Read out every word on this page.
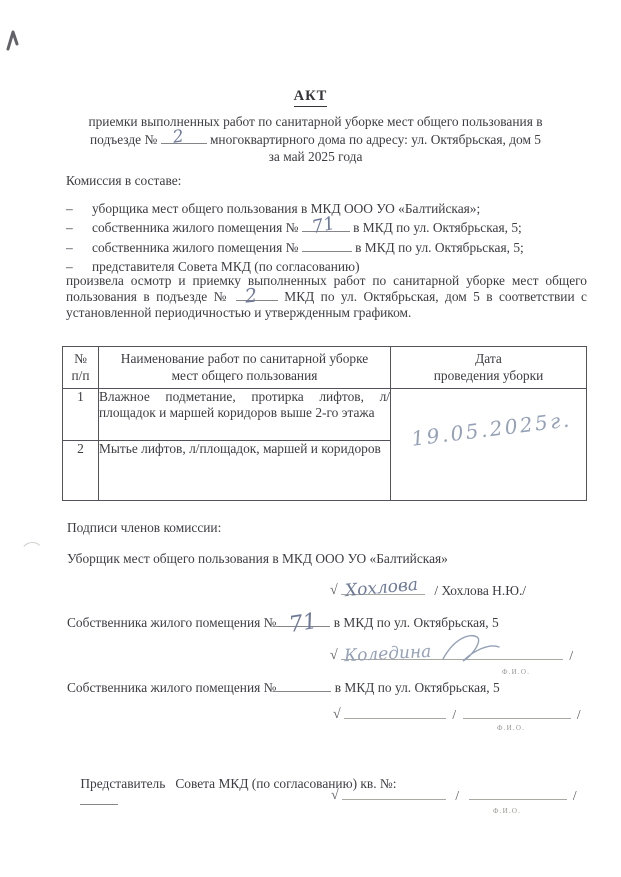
АКТ
приемки выполненных работ по санитарной уборке мест общего пользования в
подъезде № 2 многоквартирного дома по адресу: ул. Октябрьская, дом 5
за май 2025 года
Комиссия в составе:
–	уборщика мест общего пользования в МКД ООО УО «Балтийская»;
–	собственника жилого помещения № 71 в МКД по ул. Октябрьская, 5;
–	собственника жилого помещения №	в МКД по ул. Октябрьская, 5;
–	представителя Совета МКД (по согласованию)
произвела осмотр и приемку выполненных работ по санитарной уборке мест общего пользования в подъезде № 2 МКД по ул. Октябрьская, дом 5 в соответствии с установленной периодичностью и утвержденным графиком.
№
п/п

Наименование работ по санитарной уборке
мест общего пользования

Дата
проведения уборки

1	Влажное подметание, протирка лифтов, л/площадок и маршей коридоров выше 2-го этажа	19.05.2025г.

2	Мытье лифтов, л/площадок, маршей и коридоров	
Подписи членов комиссии:
Уборщик мест общего пользования в МКД ООО УО «Балтийская»
√ Хохлова / Хохлова Н.Ю./
Собственника жилого помещения № 71 в МКД по ул. Октябрьская, 5
√ Коледина	/
Ф.И.О.
Собственника жилого помещения №	в МКД по ул. Октябрьская, 5
√	/	/
Ф.И.О.

Представитель   Совета МКД (по согласованию) кв. №:

√	/	/
Ф.И.О.
